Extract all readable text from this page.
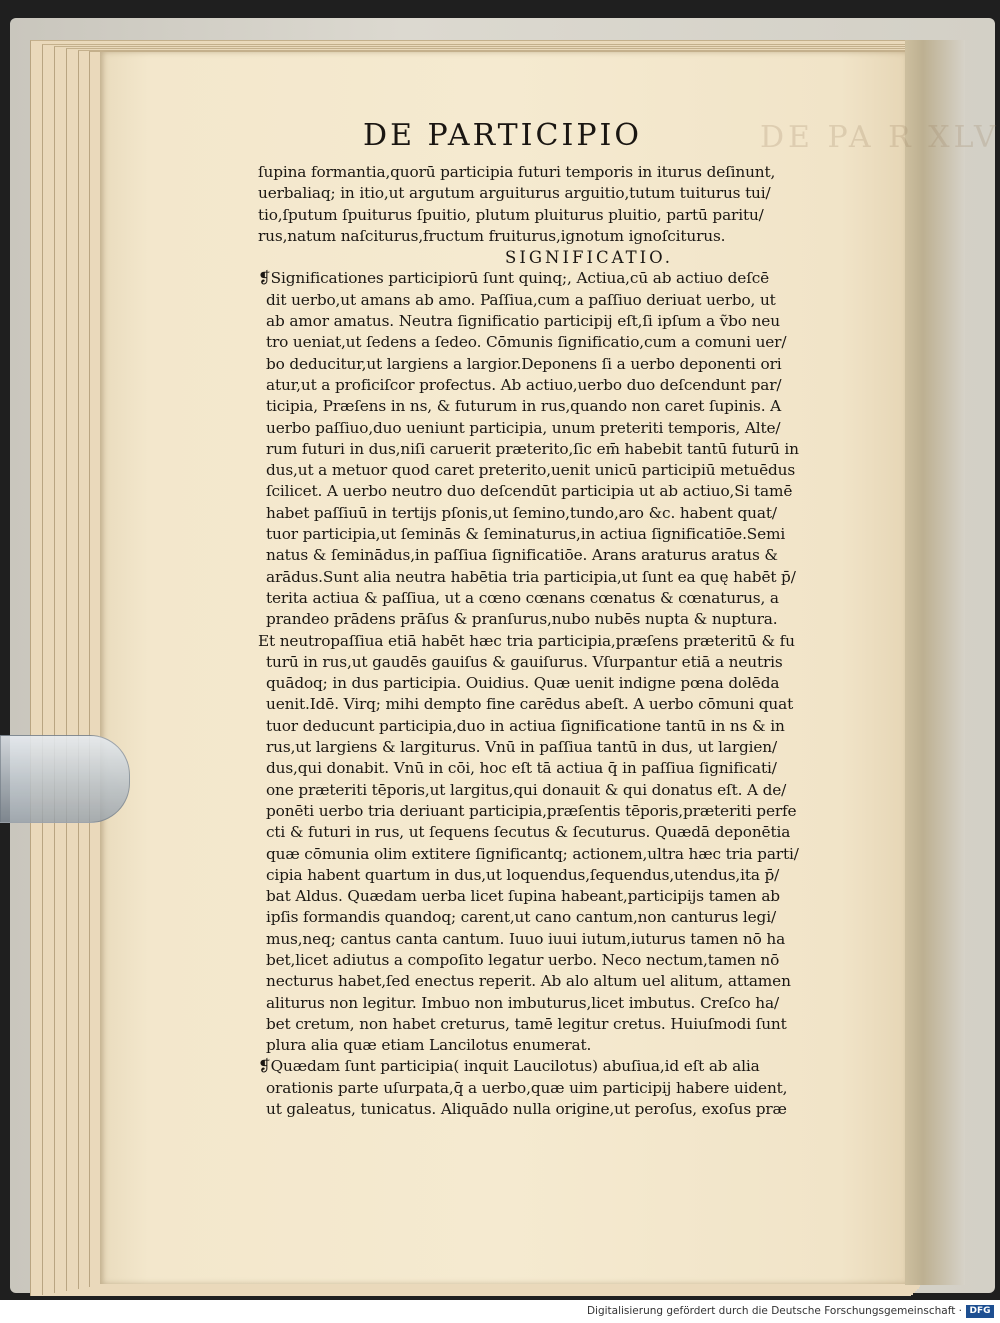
DE PA R XLV
DE PARTICIPIO
ſupina formantia,quorū participia futuri temporis in iturus deſinunt,
uerbaliaq; in itio,ut argutum arguiturus arguitio,tutum tuiturus tui/
tio,ſputum ſpuiturus ſpuitio, plutum pluiturus pluitio, partū paritu/
rus,natum naſciturus,fructum fruiturus,ignotum ignoſciturus.
SIGNIFICATIO.
❡Significationes participiorū ſunt quinq;, Actiua,cū ab actiuo deſcē
dit uerbo,ut amans ab amo. Paſſiua,cum a paſſiuo deriuat uerbo, ut
ab amor amatus. Neutra ſignificatio participij eſt,ſi ipſum a ṽbo neu
tro ueniat,ut ſedens a ſedeo. Cōmunis ſignificatio,cum a comuni uer/
bo deducitur,ut largiens a largior.Deponens ſi a uerbo deponenti ori
atur,ut a proficiſcor profectus. Ab actiuo,uerbo duo deſcendunt par/
ticipia, Præſens in ns, & futurum in rus,quando non caret ſupinis. A
uerbo paſſiuo,duo ueniunt participia, unum preteriti temporis, Alte/
rum futuri in dus,niſi caruerit præterito,ſic em̄ habebit tantū futurū in
dus,ut a metuor quod caret preterito,uenit unicū participiū metuēdus
ſcilicet. A uerbo neutro duo deſcendūt participia ut ab actiuo,Si tamē
habet paſſiuū in tertijs pſonis,ut ſemino,tundo,aro &c. habent quat/
tuor participia,ut ſeminās & ſeminaturus,in actiua ſignificatiōe.Semi
natus & ſeminādus,in paſſiua ſignificatiōe. Arans araturus aratus &
arādus.Sunt alia neutra habētia tria participia,ut ſunt ea quę habēt p̄/
terita actiua & paſſiua, ut a cœno cœnans cœnatus & cœnaturus, a
prandeo prādens prāſus & pranſurus,nubo nubēs nupta & nuptura.
Et neutropaſſiua etiā habēt hæc tria participia,præſens præteritū & fu
turū in rus,ut gaudēs gauiſus & gauiſurus. Vſurpantur etiā a neutris
quādoq; in dus participia. Ouidius. Quæ uenit indigne pœna dolēda
uenit.Idē. Virq; mihi dempto fine carēdus abeſt. A uerbo cōmuni quat
tuor deducunt participia,duo in actiua ſignificatione tantū in ns & in
rus,ut largiens & largiturus. Vnū in paſſiua tantū in dus, ut largien/
dus,qui donabit. Vnū in cōi, hoc eſt tā actiua q̄ in paſſiua ſignificati/
one præteriti tēporis,ut largitus,qui donauit & qui donatus eſt. A de/
ponēti uerbo tria deriuant participia,præſentis tēporis,præteriti perfe
cti & futuri in rus, ut ſequens ſecutus & ſecuturus. Quædā deponētia
quæ cōmunia olim extitere ſignificantq; actionem,ultra hæc tria parti/
cipia habent quartum in dus,ut loquendus,ſequendus,utendus,ita p̄/
bat Aldus. Quædam uerba licet ſupina habeant,participijs tamen ab
ipſis formandis quandoq; carent,ut cano cantum,non canturus legi/
mus,neq; cantus canta cantum. Iuuo iuui iutum,iuturus tamen nō ha
bet,licet adiutus a compoſito legatur uerbo. Neco nectum,tamen nō
necturus habet,ſed enectus reperit. Ab alo altum uel alitum, attamen
aliturus non legitur. Imbuo non imbuturus,licet imbutus. Creſco ha/
bet cretum, non habet creturus, tamē legitur cretus. Huiuſmodi ſunt
plura alia quæ etiam Lancilotus enumerat.
❡Quædam ſunt participia( inquit Laucilotus) abuſiua,id eſt ab alia
orationis parte uſurpata,q̄ a uerbo,quæ uim participij habere uident,
ut galeatus, tunicatus. Aliquādo nulla origine,ut peroſus, exoſus præ
Digitalisierung gefördert durch die Deutsche Forschungsgemeinschaft · DFG
